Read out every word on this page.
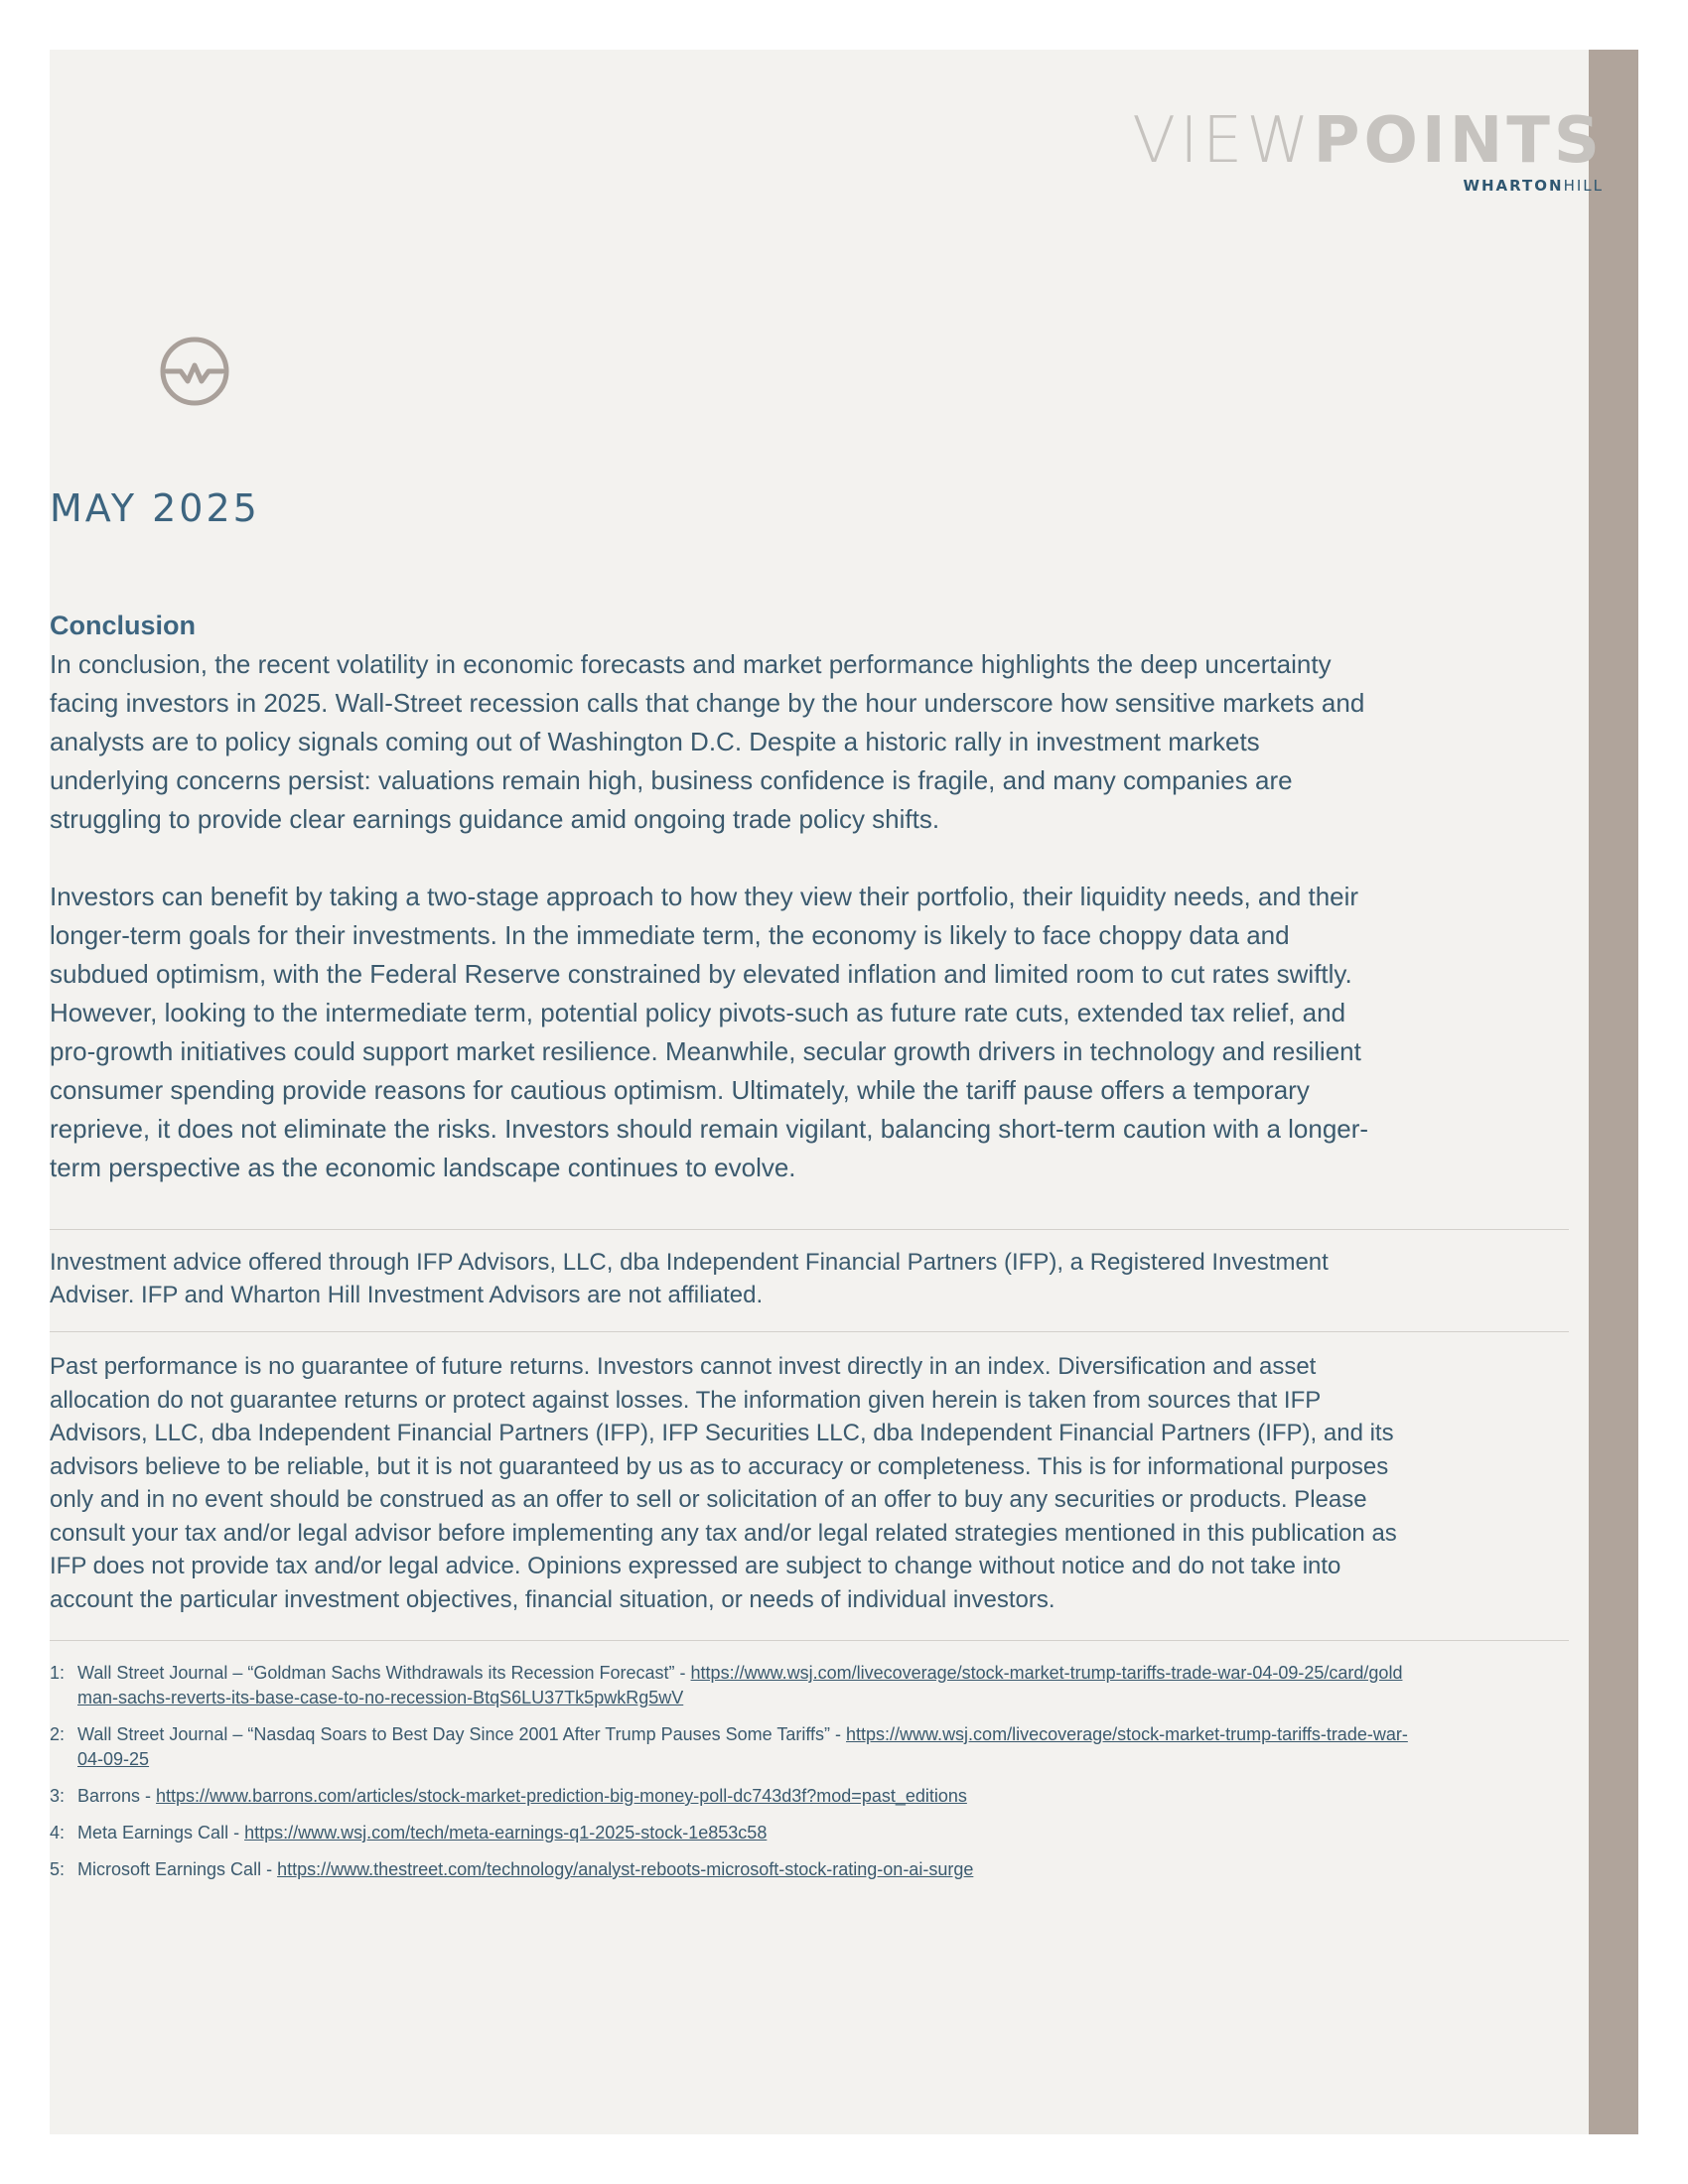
VIEWPOINTS
WHARTONHILL
MAY 2025
Conclusion

In conclusion, the recent volatility in economic forecasts and market performance highlights the deep uncertainty facing investors in 2025. Wall-Street recession calls that change by the hour underscore how sensitive markets and analysts are to policy signals coming out of Washington D.C. Despite a historic rally in investment markets underlying concerns persist: valuations remain high, business confidence is fragile, and many companies are struggling to provide clear earnings guidance amid ongoing trade policy shifts.

Investors can benefit by taking a two-stage approach to how they view their portfolio, their liquidity needs, and their longer-term goals for their investments. In the immediate term, the economy is likely to face choppy data and subdued optimism, with the Federal Reserve constrained by elevated inflation and limited room to cut rates swiftly. However, looking to the intermediate term, potential policy pivots-such as future rate cuts, extended tax relief, and pro-growth initiatives could support market resilience. Meanwhile, secular growth drivers in technology and resilient consumer spending provide reasons for cautious optimism. Ultimately, while the tariff pause offers a temporary reprieve, it does not eliminate the risks. Investors should remain vigilant, balancing short-term caution with a longer-term perspective as the economic landscape continues to evolve.

Investment advice offered through IFP Advisors, LLC, dba Independent Financial Partners (IFP), a Registered Investment Adviser. IFP and Wharton Hill Investment Advisors are not affiliated.

Past performance is no guarantee of future returns. Investors cannot invest directly in an index. Diversification and asset allocation do not guarantee returns or protect against losses. The information given herein is taken from sources that IFP Advisors, LLC, dba Independent Financial Partners (IFP), IFP Securities LLC, dba Independent Financial Partners (IFP), and its advisors believe to be reliable, but it is not guaranteed by us as to accuracy or completeness. This is for informational purposes only and in no event should be construed as an offer to sell or solicitation of an offer to buy any securities or products. Please consult your tax and/or legal advisor before implementing any tax and/or legal related strategies mentioned in this publication as IFP does not provide tax and/or legal advice. Opinions expressed are subject to change without notice and do not take into account the particular investment objectives, financial situation, or needs of individual investors.

1: Wall Street Journal – “Goldman Sachs Withdrawals its Recession Forecast” - https://www.wsj.com/livecoverage/stock-market-trump-tariffs-trade-war-04-09-25/card/goldman-sachs-reverts-its-base-case-to-no-recession-BtqS6LU37Tk5pwkRg5wV
2: Wall Street Journal – “Nasdaq Soars to Best Day Since 2001 After Trump Pauses Some Tariffs” - https://www.wsj.com/livecoverage/stock-market-trump-tariffs-trade-war-04-09-25
3: Barrons - https://www.barrons.com/articles/stock-market-prediction-big-money-poll-dc743d3f?mod=past_editions
4: Meta Earnings Call - https://www.wsj.com/tech/meta-earnings-q1-2025-stock-1e853c58
5: Microsoft Earnings Call - https://www.thestreet.com/technology/analyst-reboots-microsoft-stock-rating-on-ai-surge
